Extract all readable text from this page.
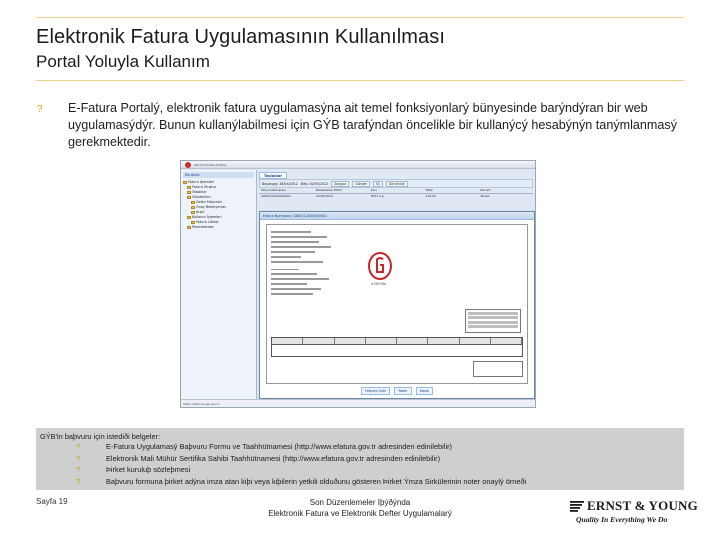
Elektronik Fatura Uygulamasının Kullanılması
Portal Yoluyla Kullanım
? E-Fatura Portalý, elektronik fatura uygulamasýna ait temel fonksiyonlarý bünyesinde barýndýran bir web uygulamasýdýr. Bunun kullanýlabilmesi için GÝB tarafýndan öncelikle bir kullanýcý hesabýnýn tanýmlanmasý gerekmektedir.
GİB E-FATURA PORTAL
Ekranlar
Fatura İşlemleri
Fatura Oluştur
Taslaklar
Gönderilen
Gelen Faturalar
Onay Bekleyenler
Arşiv
Kullanıcı İşlemleri
Fatura Listesi
Parametreler
Taslaklar
Başlangıç: 26/04/2012 Bitiş: 02/05/2012	Sorgula	Gönder	Sil	Görüntüle
Fatura Numarası	Düzenleme Tarihi	Alıcı	Tutar	Durum
GIB2012000000001	02/05/2012	TEST A.Ş.	118,00	Taslak
Fatura Numarası: GIB2012000000001
e-FATURA
Faturayı İndir	Yazdır	Kapat
https://efatura.gib.gov.tr
GÝB'in baþvuru için istediði belgeler:
?	E-Fatura Uygulamasý Baþvuru Formu ve Taahhütnamesi (http://www.efatura.gov.tr adresinden edinilebilir)
?	Elektronik Mali Mühür Sertifika Sahibi Taahhütnamesi (http://www.efatura.gov.tr adresinden edinilebilir)
?	Þirket kuruluþ sözleþmesi
?	Baþvuru formuna þirket adýna imza atan kiþi veya kiþilerin yetkili olduðunu gösteren Þirket Ýmza Sirkülerinin noter onaylý örneði
Sayfa 19	Son Düzenlemeler Iþýðýnda
Elektronik Fatura ve Elektronik Defter Uygulamalarý
ERNST & YOUNG
Quality In Everything We Do
